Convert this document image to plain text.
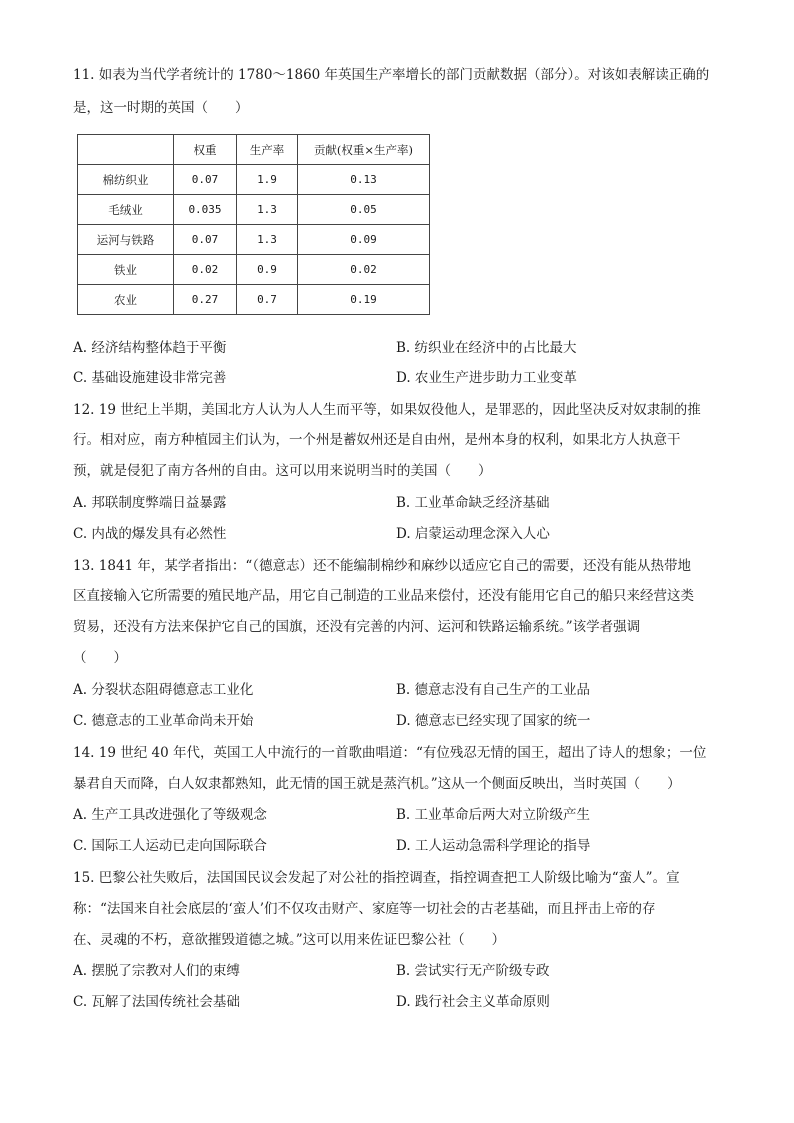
11. 如表为当代学者统计的 1780～1860 年英国生产率增长的部门贡献数据（部分）。对该如表解读正确的
是，这一时期的英国（　　）
	权重	生产率	贡献(权重×生产率)
棉纺织业	0.07	1.9	0.13
毛绒业	0.035	1.3	0.05
运河与铁路	0.07	1.3	0.09
铁业	0.02	0.9	0.02
农业	0.27	0.7	0.19
A. 经济结构整体趋于平衡	B. 纺织业在经济中的占比最大
C. 基础设施建设非常完善	D. 农业生产进步助力工业变革
12. 19 世纪上半期，美国北方人认为人人生而平等，如果奴役他人，是罪恶的，因此坚决反对奴隶制的推
行。相对应，南方种植园主们认为，一个州是蓄奴州还是自由州，是州本身的权利，如果北方人执意干
预，就是侵犯了南方各州的自由。这可以用来说明当时的美国（　　）
A. 邦联制度弊端日益暴露	B. 工业革命缺乏经济基础
C. 内战的爆发具有必然性	D. 启蒙运动理念深入人心
13. 1841 年，某学者指出：“（德意志）还不能编制棉纱和麻纱以适应它自己的需要，还没有能从热带地
区直接输入它所需要的殖民地产品，用它自己制造的工业品来偿付，还没有能用它自己的船只来经营这类
贸易，还没有方法来保护它自己的国旗，还没有完善的内河、运河和铁路运输系统。”该学者强调
（　　）
A. 分裂状态阻碍德意志工业化	B. 德意志没有自己生产的工业品
C. 德意志的工业革命尚未开始	D. 德意志已经实现了国家的统一
14. 19 世纪 40 年代，英国工人中流行的一首歌曲唱道：“有位残忍无情的国王，超出了诗人的想象；一位
暴君自天而降，白人奴隶都熟知，此无情的国王就是蒸汽机。”这从一个侧面反映出，当时英国（　　）
A. 生产工具改进强化了等级观念	B. 工业革命后两大对立阶级产生
C. 国际工人运动已走向国际联合	D. 工人运动急需科学理论的指导
15. 巴黎公社失败后，法国国民议会发起了对公社的指控调查，指控调查把工人阶级比喻为“蛮人”。宣
称：“法国来自社会底层的‘蛮人’们不仅攻击财产、家庭等一切社会的古老基础，而且抨击上帝的存
在、灵魂的不朽，意欲摧毁道德之城。”这可以用来佐证巴黎公社（　　）
A. 摆脱了宗教对人们的束缚	B. 尝试实行无产阶级专政
C. 瓦解了法国传统社会基础	D. 践行社会主义革命原则
